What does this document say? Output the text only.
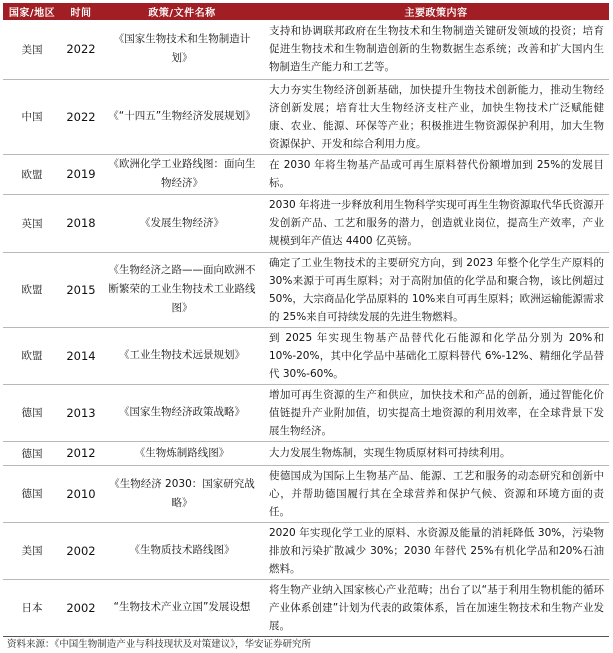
国家/地区	时间	政策/文件名称	主要政策内容
美国	2022	《国家生物技术和生物制造计划》	支持和协调联邦政府在生物技术和生物制造关键研发领域的投资；培育促进生物技术和生物制造创新的生物数据生态系统；改善和扩大国内生物制造生产能力和工艺等。
中国	2022	《“十四五”生物经济发展规划》	大力夯实生物经济创新基础，加快提升生物技术创新能力，推动生物经济创新发展；培育壮大生物经济支柱产业，加快生物技术广泛赋能健康、农业、能源、环保等产业；积极推进生物资源保护利用，加大生物资源保护、开发和综合利用力度。
欧盟	2019	《欧洲化学工业路线图：面向生物经济》	在 2030 年将生物基产品或可再生原料替代份额增加到 25%的发展目标。
英国	2018	《发展生物经济》	2030 年将进一步释放利用生物科学实现可再生生物资源取代华氏资源开发创新产品、工艺和服务的潜力，创造就业岗位，提高生产效率，产业规模到年产值达 4400 亿英镑。
欧盟	2015	《生物经济之路——面向欧洲不断繁荣的工业生物技术工业路线图》	确定了工业生物技术的主要研究方向，到 2023 年整个化学生产原料的 30%来源于可再生原料；对于高附加值的化学品和聚合物，该比例超过 50%，大宗商品化学品原料的 10%来自可再生原料；欧洲运输能源需求的 25%来自可持续发展的先进生物燃料。
欧盟	2014	《工业生物技术远景规划》	到 2025 年实现生物基产品替代化石能源和化学品分别为 20%和10%-20%，其中化学品中基础化工原料替代 6%-12%、精细化学品替代 30%-60%。
德国	2013	《国家生物经济政策战略》	增加可再生资源的生产和供应，加快技术和产品的创新，通过智能化价值链提升产业附加值，切实提高土地资源的利用效率，在全球背景下发展生物经济。
德国	2012	《生物炼制路线图》	大力发展生物炼制，实现生物质原材料可持续利用。
德国	2010	《生物经济 2030：国家研究战略》	使德国成为国际上生物基产品、能源、工艺和服务的动态研究和创新中心，并帮助德国履行其在全球营养和保护气候、资源和环境方面的责任。
美国	2002	《生物质技术路线图》	2020 年实现化学工业的原料、水资源及能量的消耗降低 30%，污染物排放和污染扩散减少 30%；2030 年替代 25%有机化学品和20%石油燃料。
日本	2002	“生物技术产业立国”发展设想	将生物产业纳入国家核心产业范畴；出台了以“基于利用生物机能的循环产业体系创建”计划为代表的政策体系，旨在加速生物技术和生物产业发展。
资料来源：《中国生物制造产业与科技现状及对策建议》，华安证券研究所
